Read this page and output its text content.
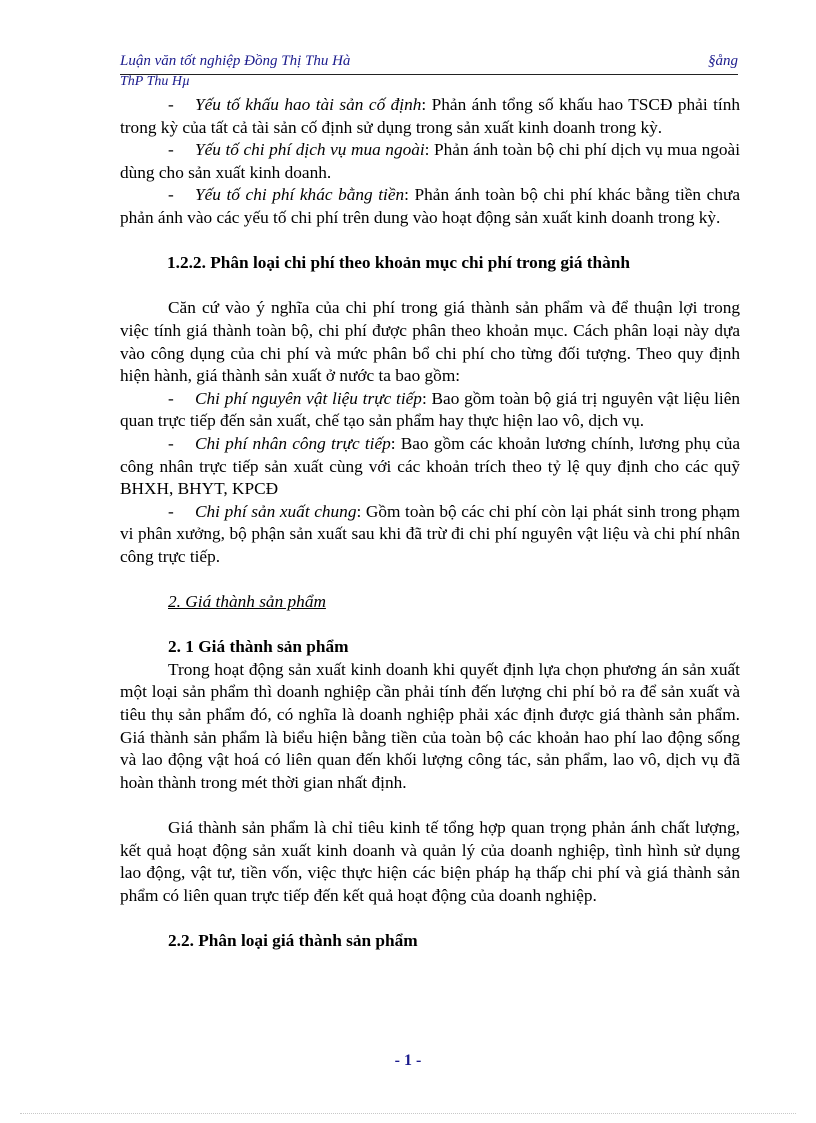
Luận văn tốt nghiệp Đồng Thị Thu Hà	§ång
ThP Thu Hµ

- Yếu tố khấu hao tài sản cố định: Phản ánh tổng số khấu hao TSCĐ phải tính trong kỳ của tất cả tài sản cố định sử dụng trong sản xuất kinh doanh trong kỳ.

- Yếu tố chi phí dịch vụ mua ngoài: Phản ánh toàn bộ chi phí dịch vụ mua ngoài dùng cho sản xuất kinh doanh.

- Yếu tố chi phí khác bằng tiền: Phản ánh toàn bộ chi phí khác bằng tiền chưa phản ánh vào các yếu tố chi phí trên dung vào hoạt động sản xuất kinh doanh trong kỳ.

1.2.2. Phân loại chi phí theo khoản mục chi phí trong giá thành

Căn cứ vào ý nghĩa của chi phí trong giá thành sản phẩm và để thuận lợi trong việc tính giá thành toàn bộ, chi phí được phân theo khoản mục. Cách phân loại này dựa vào công dụng của chi phí và mức phân bổ chi phí cho từng đối tượng. Theo quy định hiện hành, giá thành sản xuất ở nước ta bao gồm:

- Chi phí nguyên vật liệu trực tiếp: Bao gồm toàn bộ giá trị nguyên vật liệu liên quan trực tiếp đến sản xuất, chế tạo sản phẩm hay thực hiện lao vô, dịch vụ.

- Chi phí nhân công trực tiếp: Bao gồm các khoản lương chính, lương phụ của công nhân trực tiếp sản xuất cùng với các khoản trích theo tỷ lệ quy định cho các quỹ BHXH, BHYT, KPCĐ

- Chi phí sản xuất chung: Gồm toàn bộ các chi phí còn lại phát sinh trong phạm vi phân xưởng, bộ phận sản xuất sau khi đã trừ đi chi phí nguyên vật liệu và chi phí nhân công trực tiếp.

2. Giá thành sản phẩm

2. 1 Giá thành sản phẩm

Trong hoạt động sản xuất kinh doanh khi quyết định lựa chọn phương án sản xuất một loại sản phẩm thì doanh nghiệp cần phải tính đến lượng chi phí bỏ ra để sản xuất và tiêu thụ sản phẩm đó, có nghĩa là doanh nghiệp phải xác định được giá thành sản phẩm. Giá thành sản phẩm là biểu hiện bằng tiền của toàn bộ các khoản hao phí lao động sống và lao động vật hoá có liên quan đến khối lượng công tác, sản phẩm, lao vô, dịch vụ đã hoàn thành trong mét thời gian nhất định.

Giá thành sản phẩm là chỉ tiêu kinh tế tổng hợp quan trọng phản ánh chất lượng, kết quả hoạt động sản xuất kinh doanh và quản lý của doanh nghiệp, tình hình sử dụng lao động, vật tư, tiền vốn, việc thực hiện các biện pháp hạ thấp chi phí và giá thành sản phẩm có liên quan trực tiếp đến kết quả hoạt động của doanh nghiệp.

2.2. Phân loại giá thành sản phẩm

- 1 -
